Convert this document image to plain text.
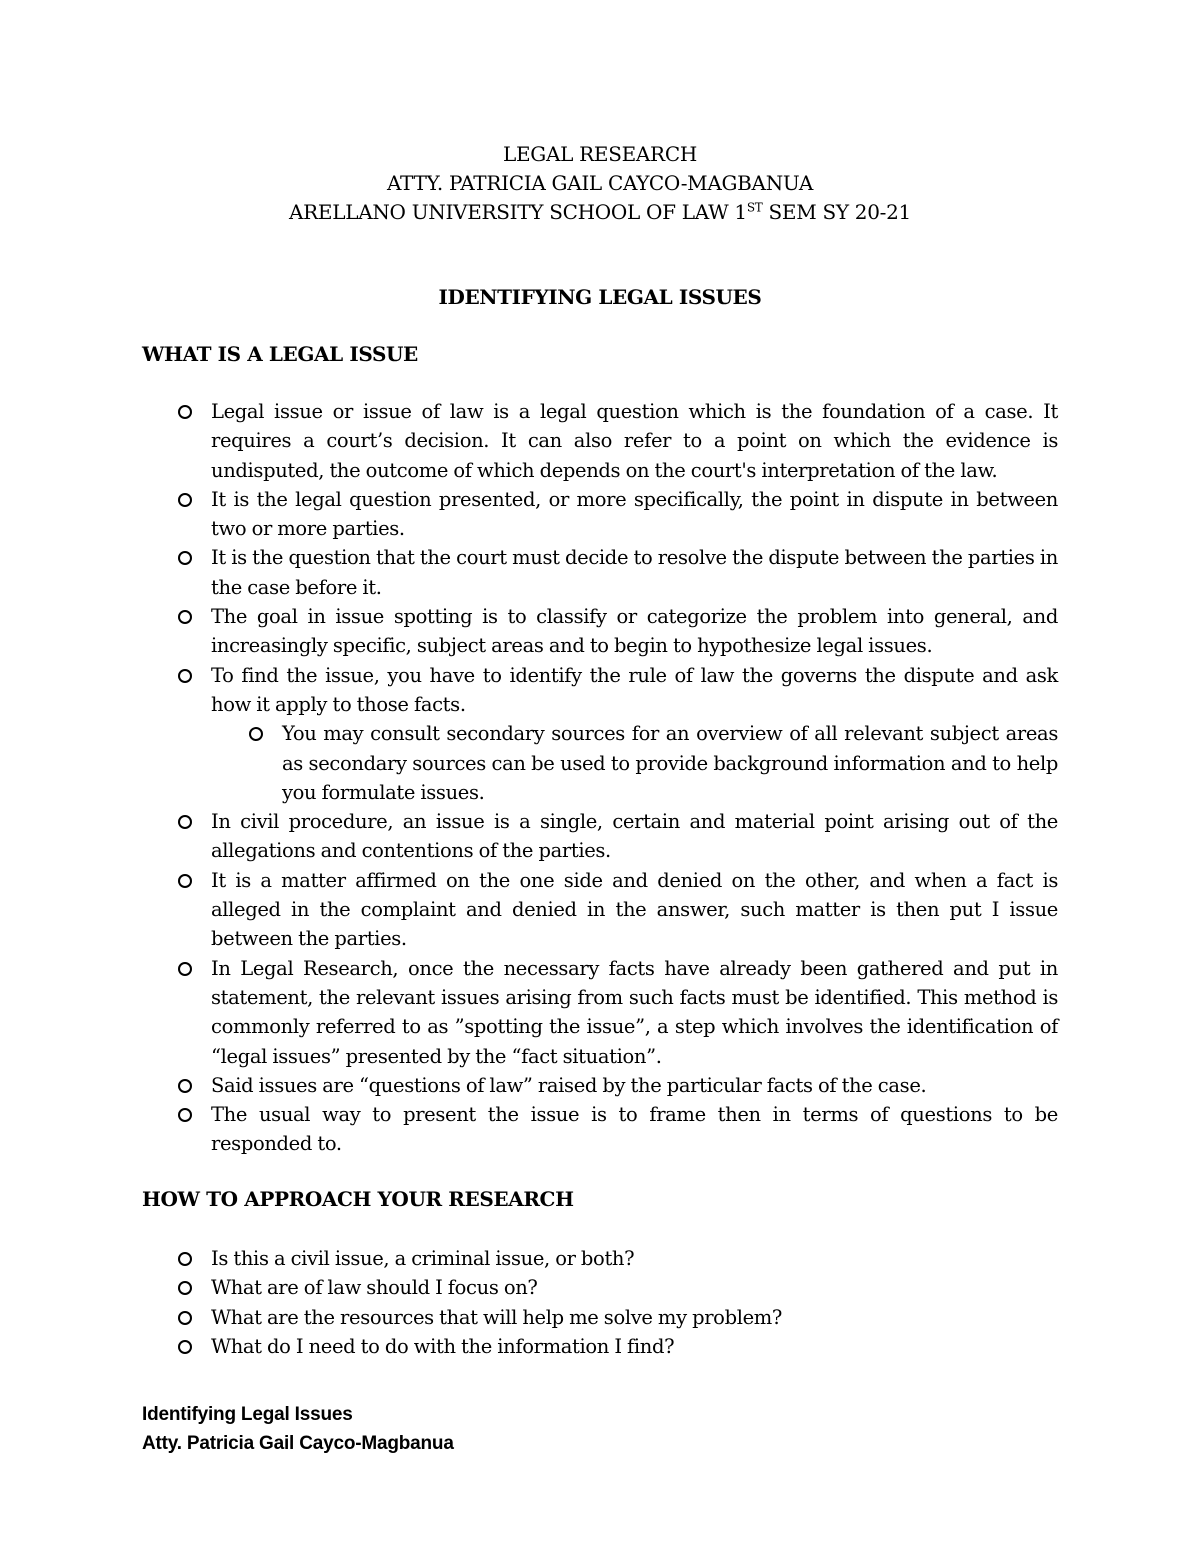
LEGAL RESEARCH
ATTY. PATRICIA GAIL CAYCO-MAGBANUA
ARELLANO UNIVERSITY SCHOOL OF LAW 1ST SEM SY 20-21
IDENTIFYING LEGAL ISSUES
WHAT IS A LEGAL ISSUE
Legal issue or issue of law is a legal question which is the foundation of a case. It requires a court’s decision. It can also refer to a point on which the evidence is undisputed, the outcome of which depends on the court's interpretation of the law.
It is the legal question presented, or more specifically, the point in dispute in between two or more parties.
It is the question that the court must decide to resolve the dispute between the parties in the case before it.
The goal in issue spotting is to classify or categorize the problem into general, and increasingly specific, subject areas and to begin to hypothesize legal issues.
To find the issue, you have to identify the rule of law the governs the dispute and ask how it apply to those facts.
You may consult secondary sources for an overview of all relevant subject areas as secondary sources can be used to provide background information and to help you formulate issues.
In civil procedure, an issue is a single, certain and material point arising out of the allegations and contentions of the parties.
It is a matter affirmed on the one side and denied on the other, and when a fact is alleged in the complaint and denied in the answer, such matter is then put I issue between the parties.
In Legal Research, once the necessary facts have already been gathered and put in statement, the relevant issues arising from such facts must be identified. This method is commonly referred to as ”spotting the issue”, a step which involves the identification of “legal issues” presented by the “fact situation”.
Said issues are “questions of law” raised by the particular facts of the case.
The usual way to present the issue is to frame then in terms of questions to be responded to.
HOW TO APPROACH YOUR RESEARCH
Is this a civil issue, a criminal issue, or both?
What are of law should I focus on?
What are the resources that will help me solve my problem?
What do I need to do with the information I find?
Identifying Legal Issues
Atty. Patricia Gail Cayco-Magbanua
